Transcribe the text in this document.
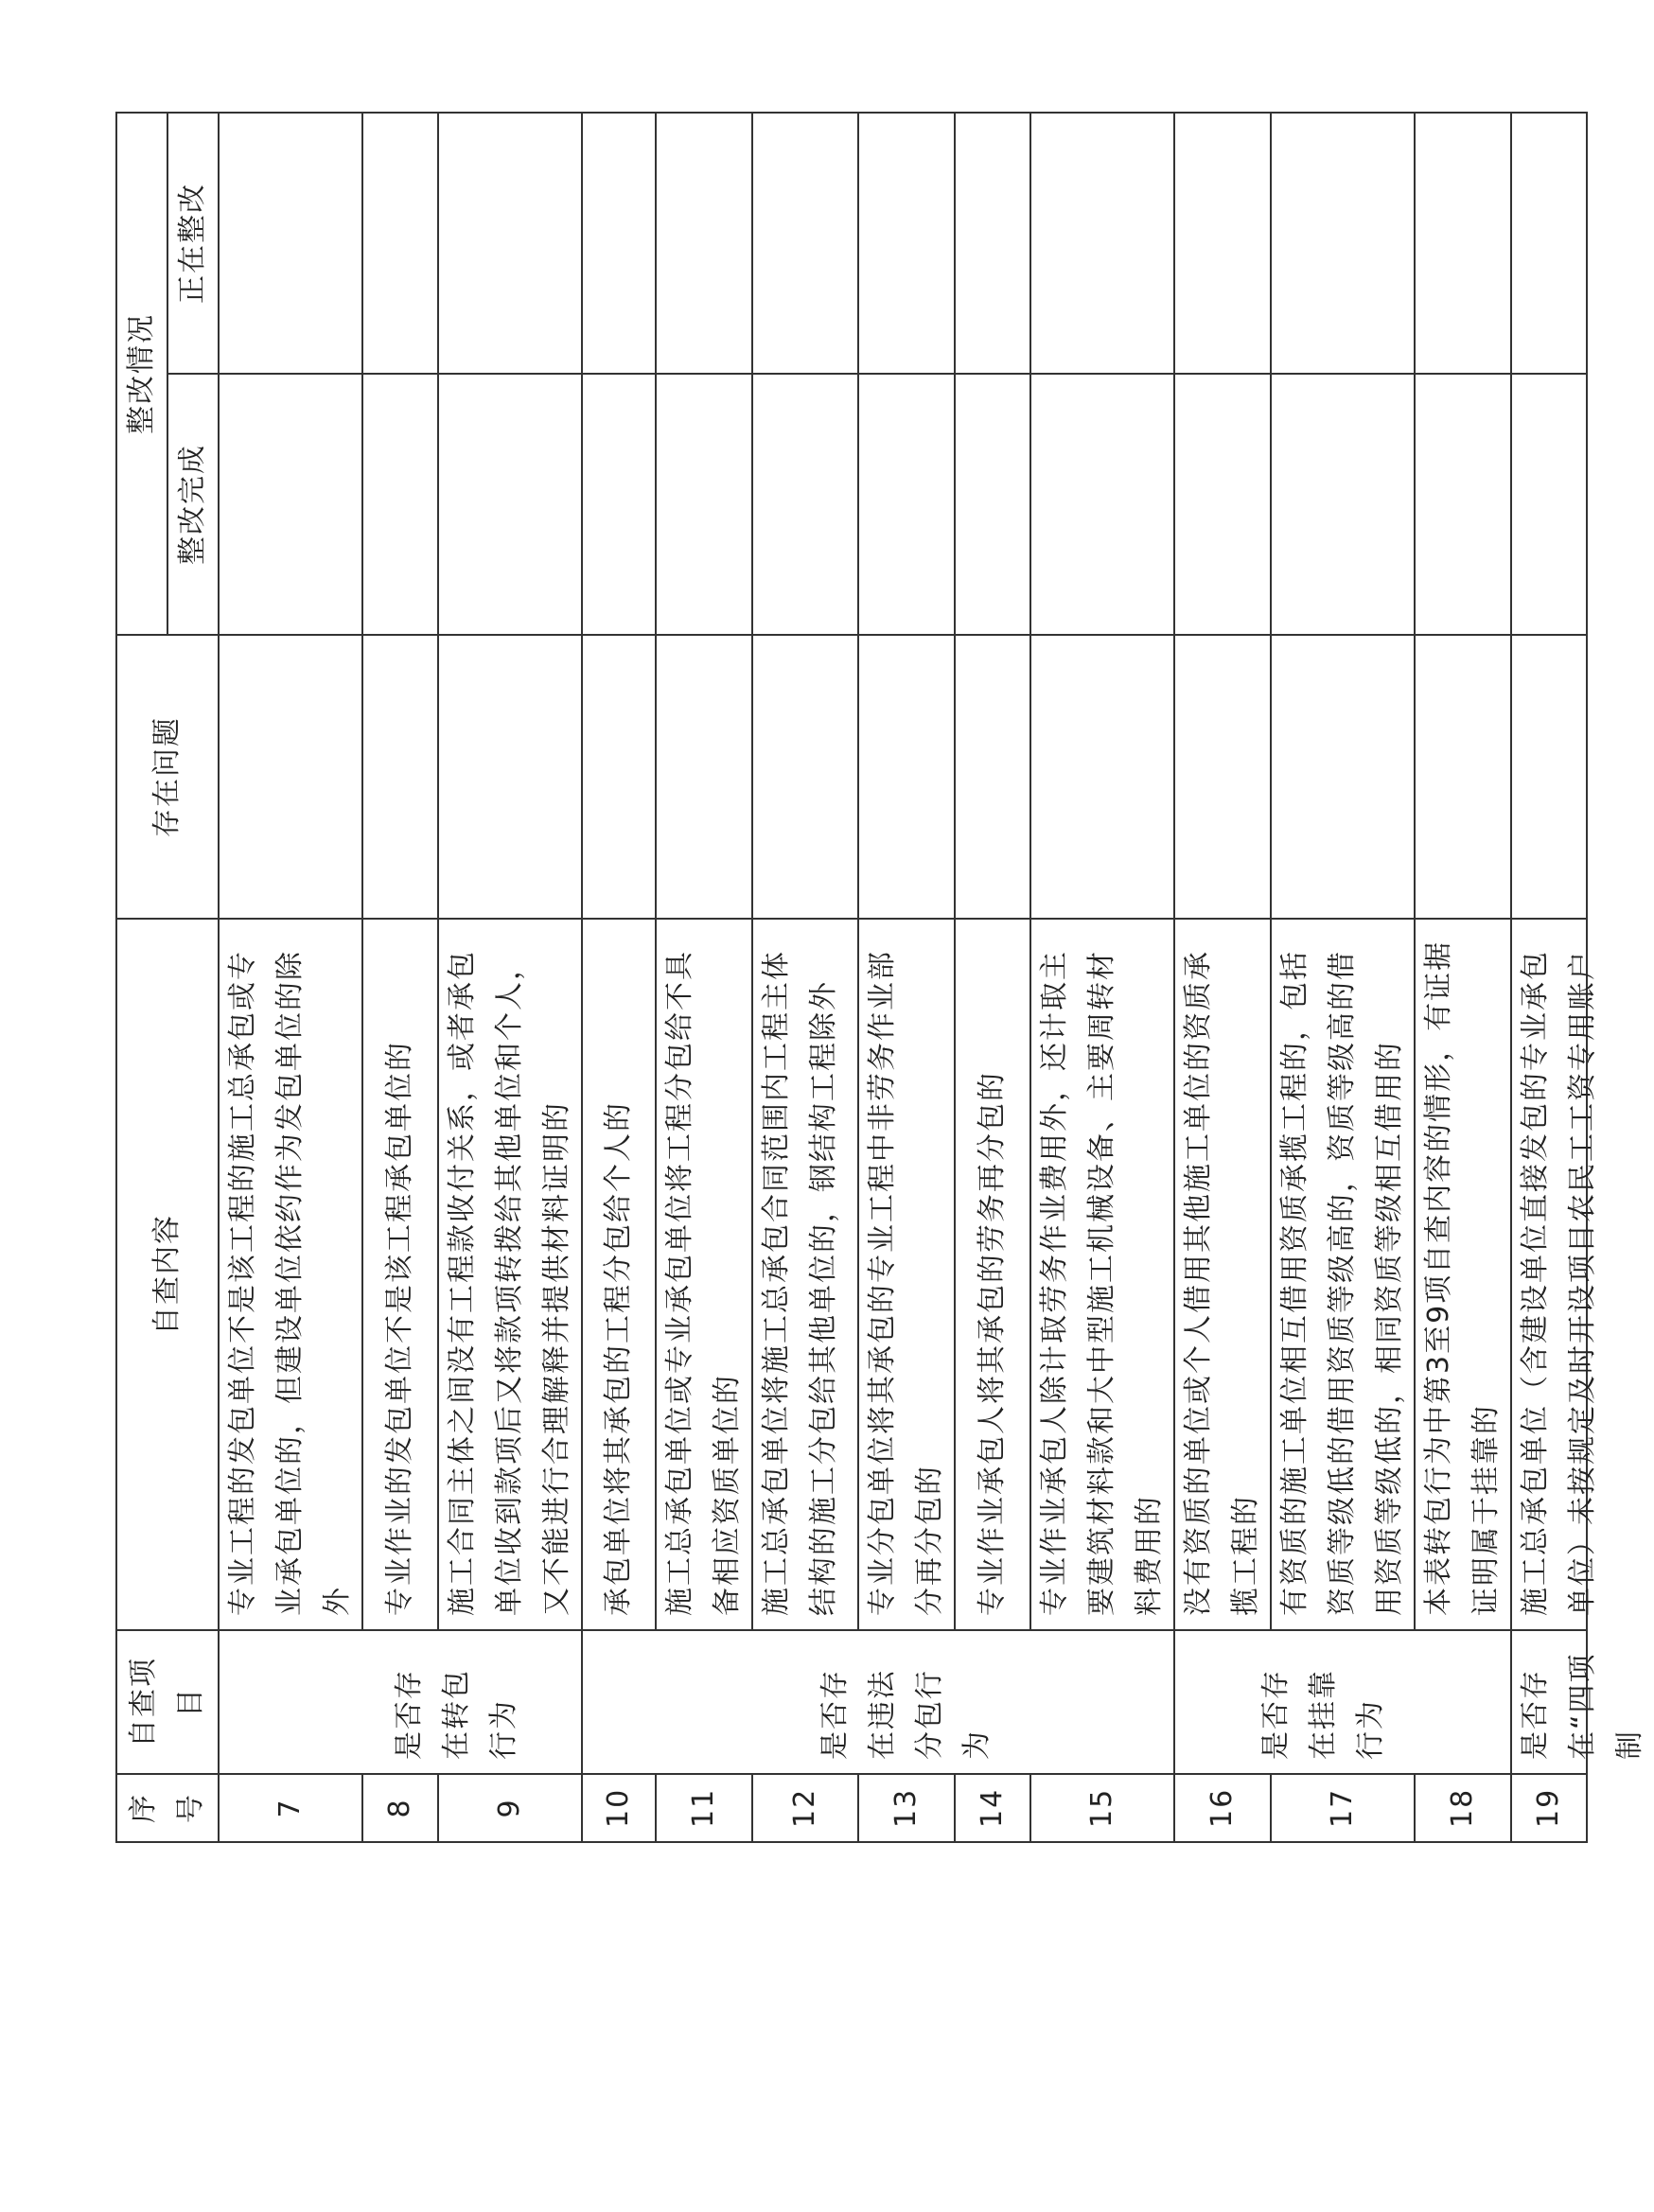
序号	自查项目	自查内容	存在问题	整改情况	
				整改完成	正在整改
7	是否存在转包行为	专业工程的发包单位不是该工程的施工总承包或专业承包单位的，但建设单位依约作为发包单位的除外			
8		专业作业的发包单位不是该工程承包单位的			
9		施工合同主体之间没有工程款收付关系，或者承包单位收到款项后又将款项转拨给其他单位和个人，又不能进行合理解释并提供材料证明的			
10	是否存在违法分包行为	承包单位将其承包的工程分包给个人的			
11		施工总承包单位或专业承包单位将工程分包给不具备相应资质单位的			
12		施工总承包单位将施工总承包合同范围内工程主体结构的施工分包给其他单位的，钢结构工程除外			
13		专业分包单位将其承包的专业工程中非劳务作业部分再分包的			
14		专业作业承包人将其承包的劳务再分包的			
15		专业作业承包人除计取劳务作业费用外，还计取主要建筑材料款和大中型施工机械设备、主要周转材料费用的			
16	是否存在挂靠行为	没有资质的单位或个人借用其他施工单位的资质承揽工程的			
17		有资质的施工单位相互借用资质承揽工程的，包括资质等级低的借用资质等级高的，资质等级高的借用资质等级低的，相同资质等级相互借用的			
18		本表转包行为中第3至9项自查内容的情形，有证据证明属于挂靠的			
19	是否存在“四项制	施工总承包单位（含建设单位直接发包的专业承包单位）未按规定及时开设项目农民工工资专用账户			
